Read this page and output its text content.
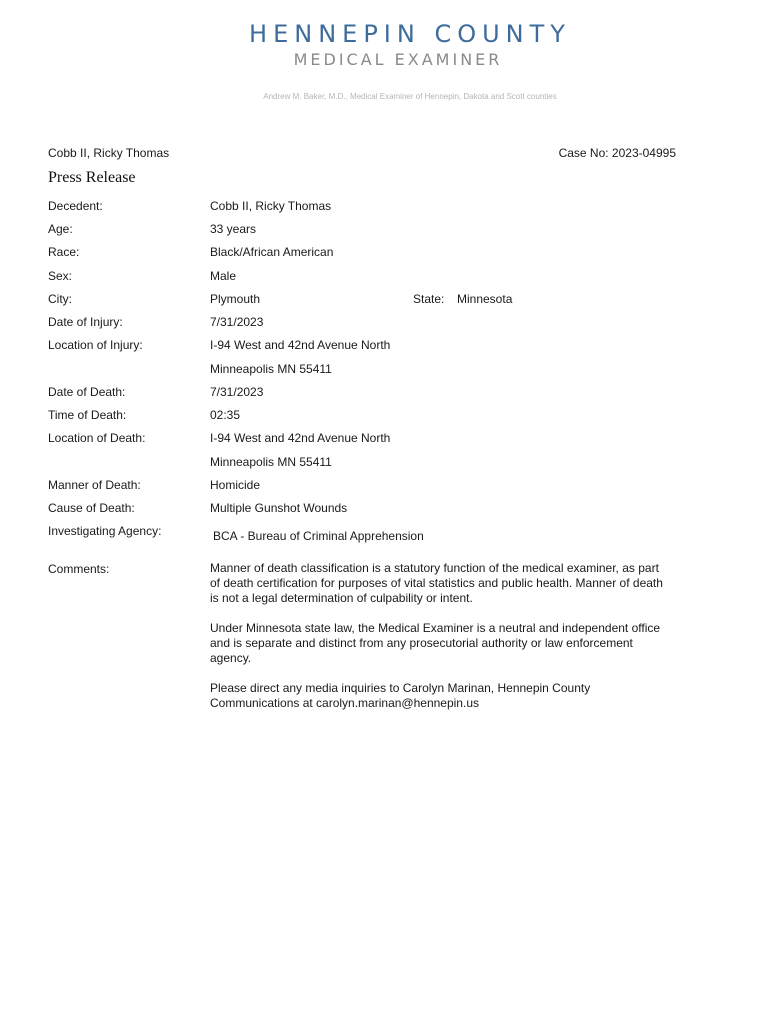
HENNEPIN COUNTY
MEDICAL EXAMINER
Andrew M. Baker, M.D., Medical Examiner of Hennepin, Dakota and Scott counties
Cobb II, Ricky Thomas	Case No: 2023-04995
Press Release
Decedent:	Cobb II, Ricky Thomas
Age:	33 years
Race:	Black/African American
Sex:	Male
City:	Plymouth	State: Minnesota
Date of Injury:	7/31/2023
Location of Injury:	I-94 West and 42nd Avenue North
Minneapolis MN 55411
Date of Death:	7/31/2023
Time of Death:	02:35
Location of Death:	I-94 West and 42nd Avenue North
Minneapolis MN 55411
Manner of Death:	Homicide
Cause of Death:	Multiple Gunshot Wounds
Investigating Agency:	BCA - Bureau of Criminal Apprehension
Comments:	Manner of death classification is a statutory function of the medical examiner, as part of death certification for purposes of vital statistics and public health. Manner of death is not a legal determination of culpability or intent.

Under Minnesota state law, the Medical Examiner is a neutral and independent office and is separate and distinct from any prosecutorial authority or law enforcement agency.

Please direct any media inquiries to Carolyn Marinan, Hennepin County Communications at carolyn.marinan@hennepin.us
